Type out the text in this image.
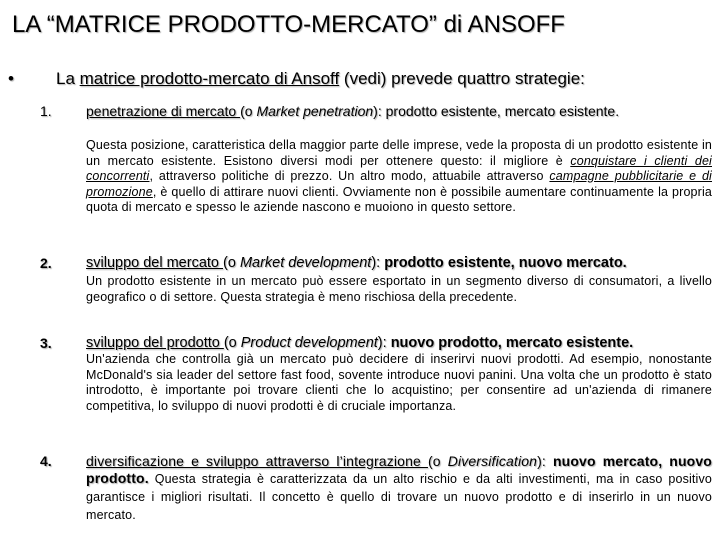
LA “MATRICE PRODOTTO-MERCATO” di ANSOFF
• La matrice prodotto-mercato di Ansoff (vedi) prevede quattro strategie:
1. penetrazione di mercato (o Market penetration): prodotto esistente, mercato esistente.
Questa posizione, caratteristica della maggior parte delle imprese, vede la proposta di un prodotto esistente in un mercato esistente. Esistono diversi modi per ottenere questo: il migliore è conquistare i clienti dei concorrenti, attraverso politiche di prezzo. Un altro modo, attuabile attraverso campagne pubblicitarie e di promozione, è quello di attirare nuovi clienti. Ovviamente non è possibile aumentare continuamente la propria quota di mercato e spesso le aziende nascono e muoiono in questo settore.
2. sviluppo del mercato (o Market development): prodotto esistente, nuovo mercato.
Un prodotto esistente in un mercato può essere esportato in un segmento diverso di consumatori, a livello geografico o di settore. Questa strategia è meno rischiosa della precedente.
3. sviluppo del prodotto (o Product development): nuovo prodotto, mercato esistente.
Un'azienda che controlla già un mercato può decidere di inserirvi nuovi prodotti. Ad esempio, nonostante McDonald's sia leader del settore fast food, sovente introduce nuovi panini. Una volta che un prodotto è stato introdotto, è importante poi trovare clienti che lo acquistino; per consentire ad un'azienda di rimanere competitiva, lo sviluppo di nuovi prodotti è di cruciale importanza.
4. diversificazione e sviluppo attraverso l’integrazione (o Diversification): nuovo mercato, nuovo prodotto. Questa strategia è caratterizzata da un alto rischio e da alti investimenti, ma in caso positivo garantisce i migliori risultati. Il concetto è quello di trovare un nuovo prodotto e di inserirlo in un nuovo mercato.
